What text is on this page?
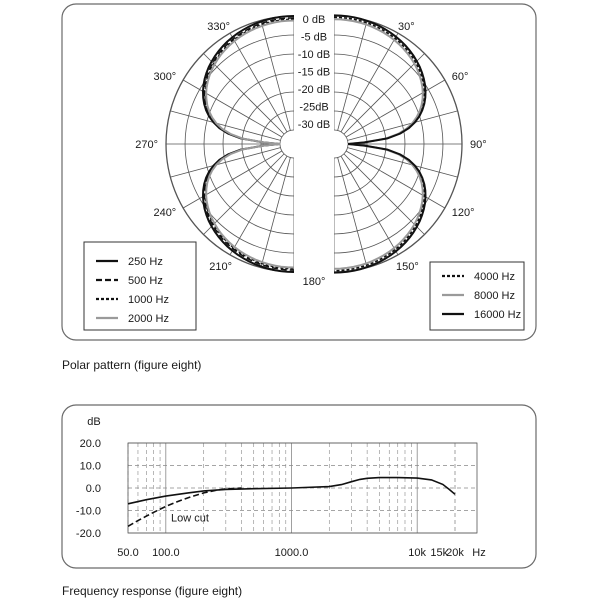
0 dB
-5 dB
-10 dB
-15 dB
-20 dB
-25dB
-30 dB
30°
60°
90°
120°
150°
180°
210°
240°
270°
300°
330°
250 Hz
500 Hz
1000 Hz
2000 Hz
4000 Hz
8000 Hz
16000 Hz
20.0
10.0
0.0
-10.0
-20.0
dB
50.0 100.0	1000.0	10k 15k
20k Hz
Low cut
Polar pattern (figure eight)
Frequency response (figure eight)
